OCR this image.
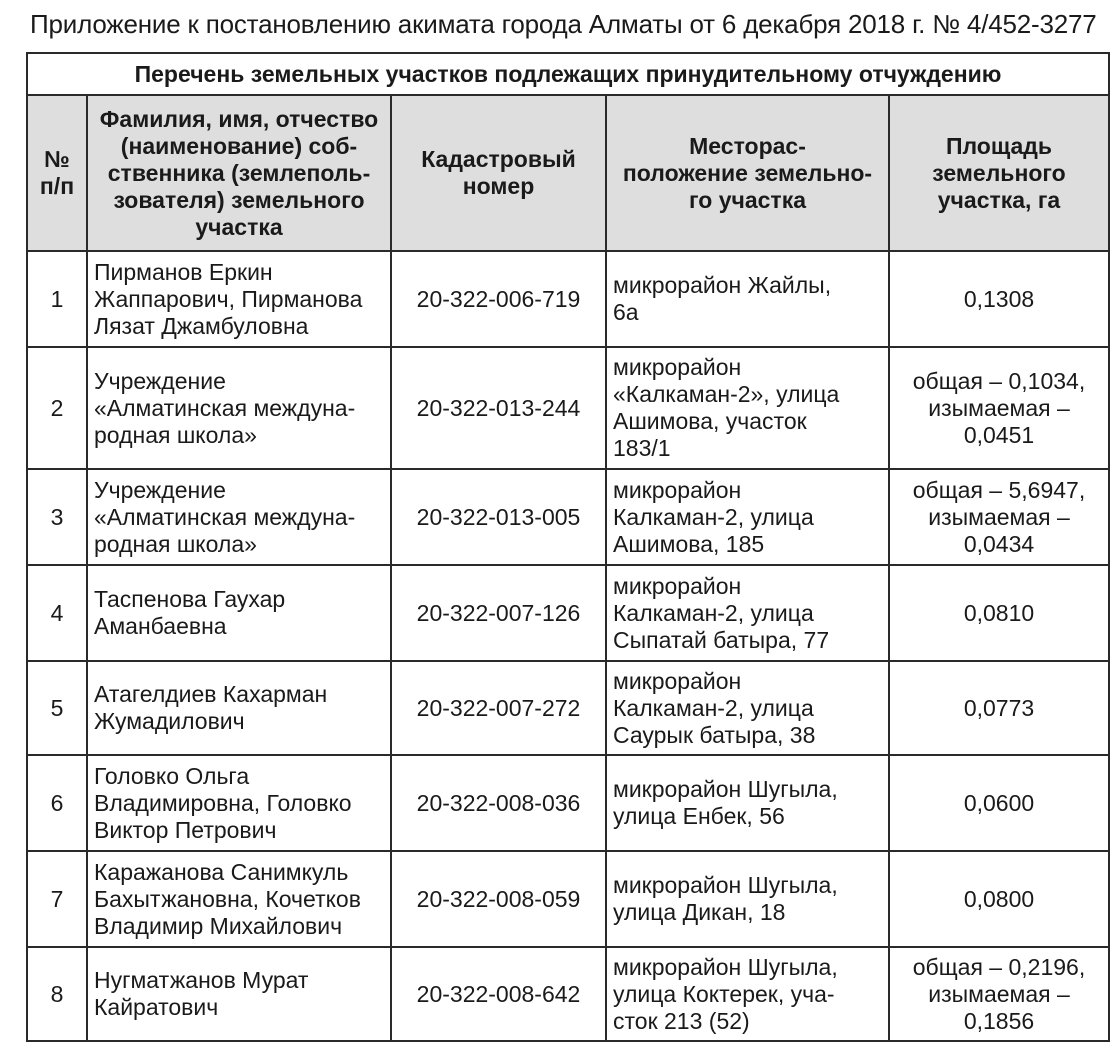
Приложение к постановлению акимата города Алматы от 6 декабря 2018 г. № 4/452-3277
Перечень земельных участков подлежащих принудительному отчуждению				
№
п/п	Фамилия, имя, отчество
(наименование) соб-
ственника (землеполь-
зователя) земельного
участка	Кадастровый
номер	Месторас-
положение земельно-
го участка	Площадь
земельного
участка, га
1	Пирманов Еркин
Жаппарович, Пирманова
Лязат Джамбуловна	20-322-006-719	микрорайон Жайлы,
6а	0,1308
2	Учреждение
«Алматинская междуна-
родная школа»	20-322-013-244	микрорайон
«Калкаман-2», улица
Ашимова, участок
183/1	общая – 0,1034,
изымаемая –
0,0451
3	Учреждение
«Алматинская междуна-
родная школа»	20-322-013-005	микрорайон
Калкаман-2, улица
Ашимова, 185	общая – 5,6947,
изымаемая –
0,0434
4	Таспенова Гаухар
Аманбаевна	20-322-007-126	микрорайон
Калкаман-2, улица
Сыпатай батыра, 77	0,0810
5	Атагелдиев Кахарман
Жумадилович	20-322-007-272	микрорайон
Калкаман-2, улица
Саурык батыра, 38	0,0773
6	Головко Ольга
Владимировна, Головко
Виктор Петрович	20-322-008-036	микрорайон Шугыла,
улица Енбек, 56	0,0600
7	Каражанова Санимкуль
Бахытжановна, Кочетков
Владимир Михайлович	20-322-008-059	микрорайон Шугыла,
улица Дикан, 18	0,0800
8	Нугматжанов Мурат
Кайратович	20-322-008-642	микрорайон Шугыла,
улица Коктерек, уча-
сток 213 (52)	общая – 0,2196,
изымаемая –
0,1856
